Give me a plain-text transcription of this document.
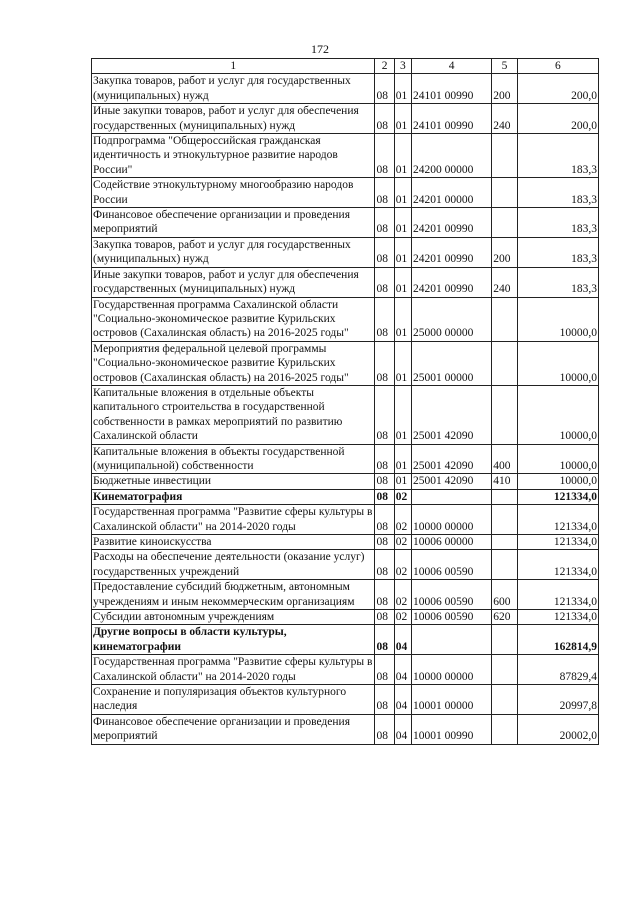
172
1	2	3	4	5	6
Закупка товаров, работ и услуг для государственных (муниципальных) нужд	08	01	24101 00990	200	200,0
Иные закупки товаров, работ и услуг для обеспечения государственных (муниципальных) нужд	08	01	24101 00990	240	200,0
Подпрограмма "Общероссийская гражданская идентичность и этнокультурное развитие народов России"	08	01	24200 00000		183,3
Содействие этнокультурному многообразию народов России	08	01	24201 00000		183,3
Финансовое обеспечение организации и проведения мероприятий	08	01	24201 00990		183,3
Закупка товаров, работ и услуг для государственных (муниципальных) нужд	08	01	24201 00990	200	183,3
Иные закупки товаров, работ и услуг для обеспечения государственных (муниципальных) нужд	08	01	24201 00990	240	183,3
Государственная программа Сахалинской области "Социально-экономическое развитие Курильских островов (Сахалинская область) на 2016-2025 годы"	08	01	25000 00000		10000,0
Мероприятия федеральной целевой программы "Социально-экономическое развитие Курильских островов (Сахалинская область) на 2016-2025 годы"	08	01	25001 00000		10000,0
Капитальные вложения в отдельные объекты капитального строительства в государственной собственности в рамках мероприятий по развитию Сахалинской области	08	01	25001 42090		10000,0
Капитальные вложения в объекты государственной (муниципальной) собственности	08	01	25001 42090	400	10000,0
Бюджетные инвестиции	08	01	25001 42090	410	10000,0
Кинематография	08	02			121334,0
Государственная программа "Развитие сферы культуры в Сахалинской области" на 2014-2020 годы	08	02	10000 00000		121334,0
Развитие киноискусства	08	02	10006 00000		121334,0
Расходы на обеспечение деятельности (оказание услуг) государственных учреждений	08	02	10006 00590		121334,0
Предоставление субсидий бюджетным, автономным учреждениям и иным некоммерческим организациям	08	02	10006 00590	600	121334,0
Субсидии автономным учреждениям	08	02	10006 00590	620	121334,0
Другие вопросы в области культуры, кинематографии	08	04			162814,9
Государственная программа "Развитие сферы культуры в Сахалинской области" на 2014-2020 годы	08	04	10000 00000		87829,4
Сохранение и популяризация объектов культурного наследия	08	04	10001 00000		20997,8
Финансовое обеспечение организации и проведения мероприятий	08	04	10001 00990		20002,0
